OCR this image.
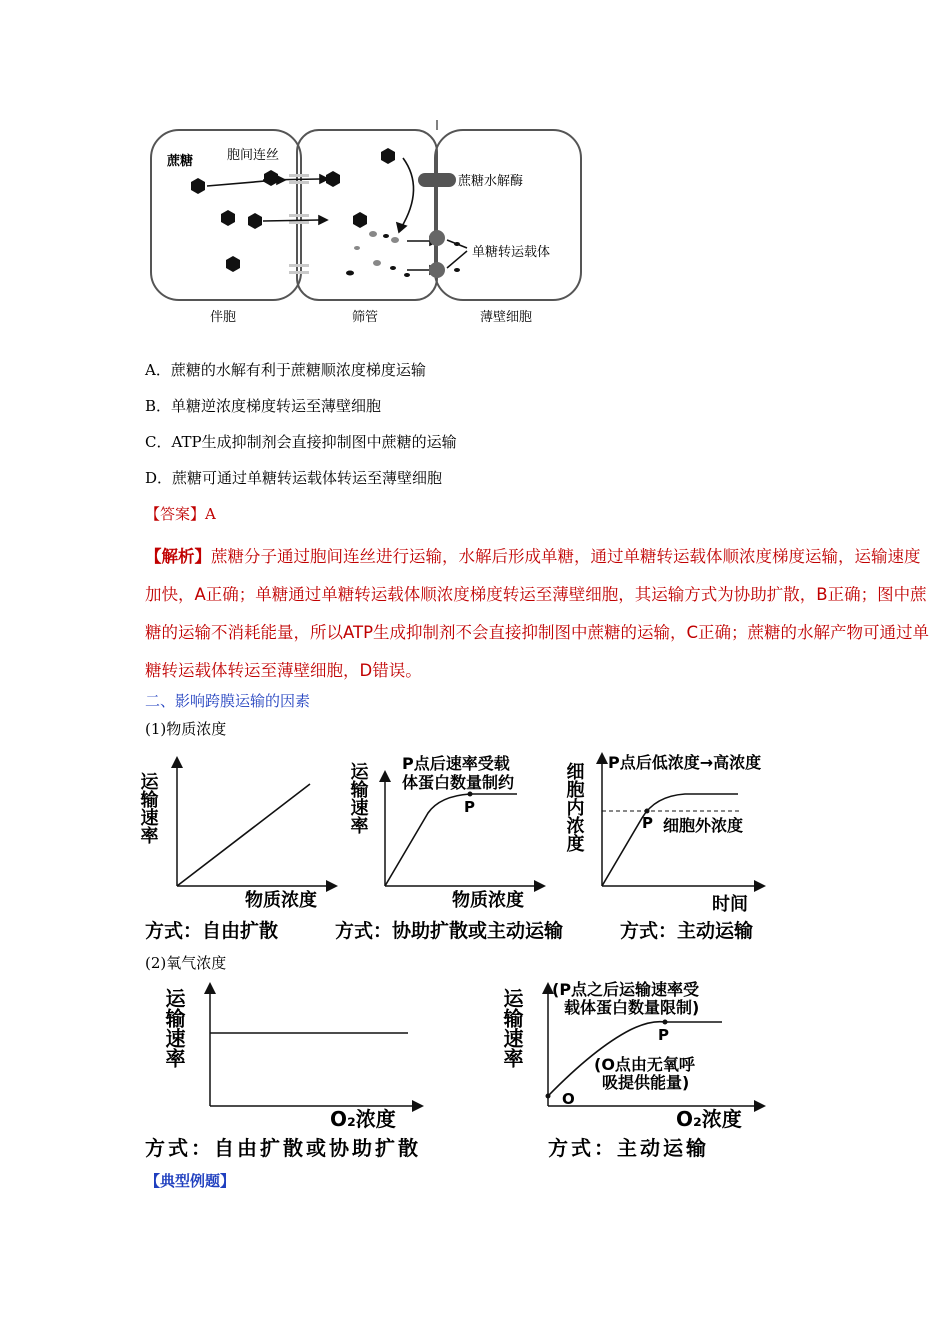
蔗糖	胞间连丝
蔗糖水解酶
单糖转运载体
伴胞	筛管	薄壁细胞
A．蔗糖的水解有利于蔗糖顺浓度梯度运输
B．单糖逆浓度梯度转运至薄壁细胞
C．ATP生成抑制剂会直接抑制图中蔗糖的运输
D．蔗糖可通过单糖转运载体转运至薄壁细胞
【答案】A
【解析】蔗糖分子通过胞间连丝进行运输，水解后形成单糖，通过单糖转运载体顺浓度梯度运输，运输速度加快，A正确；单糖通过单糖转运载体顺浓度梯度转运至薄壁细胞，其运输方式为协助扩散，B正确；图中蔗糖的运输不消耗能量，所以ATP生成抑制剂不会直接抑制图中蔗糖的运输，C正确；蔗糖的水解产物可通过单糖转运载体转运至薄壁细胞，D错误。
二、影响跨膜运输的因素
(1)物质浓度
运输速率
物质浓度
P
运输速率 P点后速率受载
体蛋白数量制约
物质浓度
P
细胞内浓度 P点后低浓度→高浓度
细胞外浓度
时间
方式：自由扩散	方式：协助扩散或主动运输	方式：主动运输
(2)氧气浓度
运输速率
O₂浓度
P
O
运输速率 (P点之后运输速率受
载体蛋白数量限制)
(O点由无氧呼
吸提供能量)
O₂浓度
方式：自由扩散或协助扩散	方式：主动运输
【典型例题】
